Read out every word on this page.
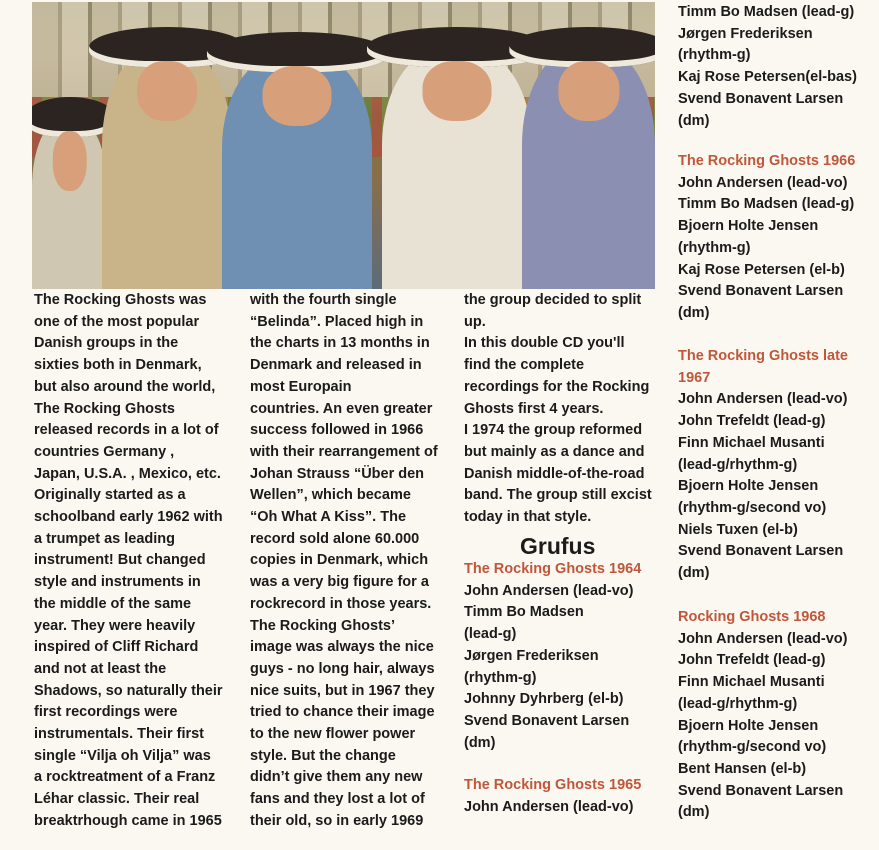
The Rocking Ghosts was
one of the most popular
Danish groups in the
sixties both in Denmark,
but also around the world,
The Rocking Ghosts
released records in a lot of
countries Germany ,
Japan, U.S.A. , Mexico, etc.
Originally started as a
schoolband early 1962 with
a trumpet as leading
instrument! But changed
style and instruments in
the middle of the same
year. They were heavily
inspired of Cliff Richard
and not at least the
Shadows, so naturally their
first recordings were
instrumentals. Their first
single “Vilja oh Vilja” was
a rocktreatment of a Franz
Léhar classic. Their real
breaktrhough came in 1965

with the fourth single
“Belinda”. Placed high in
the charts in 13 months in
Denmark and released in
most Europain
countries. An even greater
success followed in 1966
with their rearrangement of
Johan Strauss “Über den
Wellen”, which became
“Oh What A Kiss”. The
record sold alone 60.000
copies in Denmark, which
was a very big figure for a
rockrecord in those years.
The Rocking Ghosts’
image was always the nice
guys - no long hair, always
nice suits, but in 1967 they
tried to chance their image
to the new flower power
style. But the change
didn’t give them any new
fans and they lost a lot of
their old, so in early 1969

the group decided to split
up.
In this double CD you'll
find the complete
recordings for the Rocking
Ghosts first 4 years.
I 1974 the group reformed
but mainly as a dance and
Danish middle-of-the-road
band. The group still excist
today in that style.

Grufus
The Rocking Ghosts 1964

John Andersen (lead-vo)
Timm Bo Madsen
(lead-g)
Jørgen Frederiksen
(rhythm-g)
Johnny Dyhrberg (el-b)
Svend Bonavent Larsen
(dm)

The Rocking Ghosts 1965

John Andersen (lead-vo)

Timm Bo Madsen (lead-g)
Jørgen Frederiksen
(rhythm-g)
Kaj Rose Petersen(el-bas)
Svend Bonavent Larsen
(dm)

The Rocking Ghosts 1966

John Andersen (lead-vo)
Timm Bo Madsen (lead-g)
Bjoern Holte Jensen
(rhythm-g)
Kaj Rose Petersen (el-b)
Svend Bonavent Larsen
(dm)

The Rocking Ghosts late
1967

John Andersen (lead-vo)
John Trefeldt (lead-g)
Finn Michael Musanti
(lead-g/rhythm-g)
Bjoern Holte Jensen
(rhythm-g/second vo)
Niels Tuxen (el-b)
Svend Bonavent Larsen
(dm)

Rocking Ghosts 1968

John Andersen (lead-vo)
John Trefeldt (lead-g)
Finn Michael Musanti
(lead-g/rhythm-g)
Bjoern Holte Jensen
(rhythm-g/second vo)
Bent Hansen (el-b)
Svend Bonavent Larsen
(dm)
